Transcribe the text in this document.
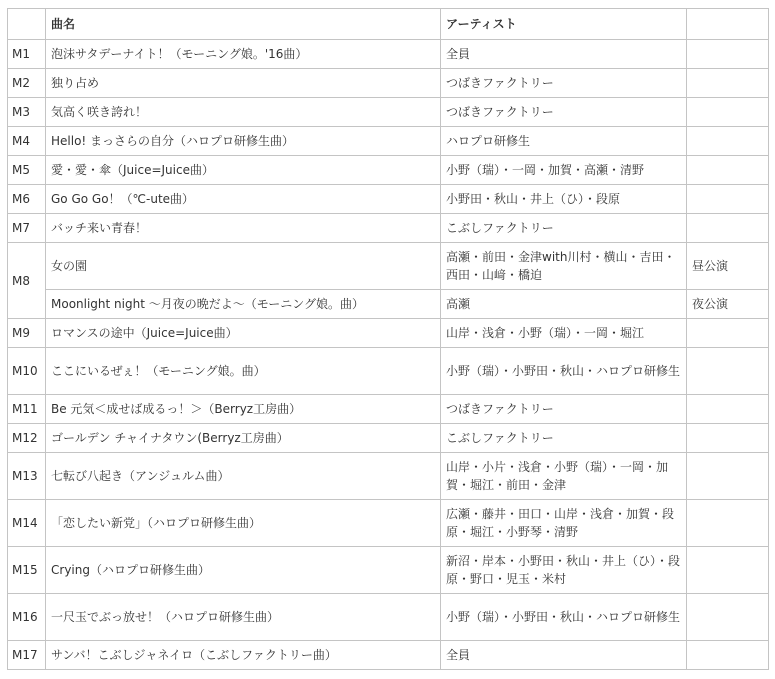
	曲名	アーティスト	
M1	泡沫サタデーナイト！（モーニング娘。'16曲）	全員	
M2	独り占め	つばきファクトリー	
M3	気高く咲き誇れ！	つばきファクトリー	
M4	Hello! まっさらの自分（ハロプロ研修生曲）	ハロプロ研修生	
M5	愛・愛・傘（Juice=Juice曲）	小野（瑞）・一岡・加賀・高瀬・清野	
M6	Go Go Go！（℃-ute曲）	小野田・秋山・井上（ひ）・段原	
M7	バッチ来い青春！	こぶしファクトリー	
M8	女の園	高瀬・前田・金津with川村・横山・吉田・西田・山﨑・橋迫	昼公演
	Moonlight night ～月夜の晩だよ～（モーニング娘。曲）	高瀬	夜公演
M9	ロマンスの途中（Juice=Juice曲）	山岸・浅倉・小野（瑞）・一岡・堀江	
M10	ここにいるぜぇ！（モーニング娘。曲）	小野（瑞）・小野田・秋山・ハロプロ研修生	
M11	Be 元気＜成せば成るっ！＞（Berryz工房曲）	つばきファクトリー	
M12	ゴールデン チャイナタウン(Berryz工房曲）	こぶしファクトリー	
M13	七転び八起き（アンジュルム曲）	山岸・小片・浅倉・小野（瑞）・一岡・加賀・堀江・前田・金津	
M14	「恋したい新党」（ハロプロ研修生曲）	広瀬・藤井・田口・山岸・浅倉・加賀・段原・堀江・小野琴・清野	
M15	Crying（ハロプロ研修生曲）	新沼・岸本・小野田・秋山・井上（ひ）・段原・野口・児玉・米村	
M16	一尺玉でぶっ放せ！（ハロプロ研修生曲）	小野（瑞）・小野田・秋山・ハロプロ研修生	
M17	サンバ！こぶしジャネイロ（こぶしファクトリー曲）	全員	
